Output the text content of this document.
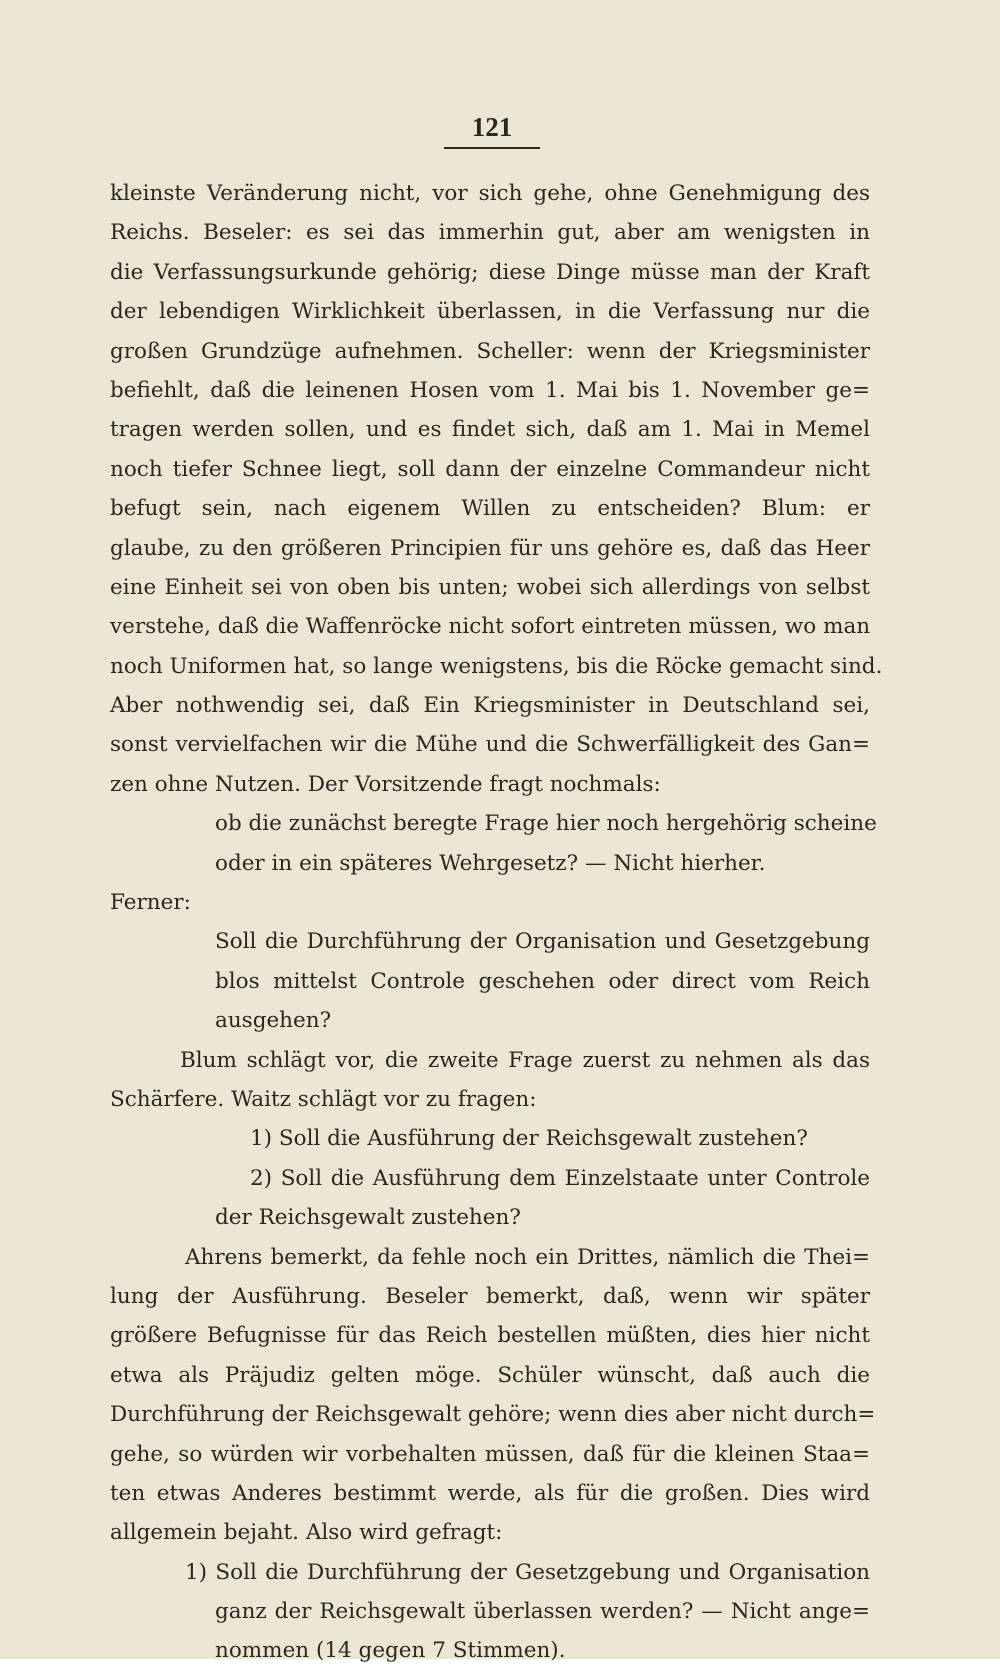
121
kleinste Veränderung nicht, vor sich gehe, ohne Genehmigung des
Reichs. Beseler: es sei das immerhin gut, aber am wenigsten in
die Verfassungsurkunde gehörig; diese Dinge müsse man der Kraft
der lebendigen Wirklichkeit überlassen, in die Verfassung nur die
großen Grundzüge aufnehmen. Scheller: wenn der Kriegsminister
befiehlt, daß die leinenen Hosen vom 1. Mai bis 1. November ge=
tragen werden sollen, und es findet sich, daß am 1. Mai in Memel
noch tiefer Schnee liegt, soll dann der einzelne Commandeur nicht
befugt sein, nach eigenem Willen zu entscheiden? Blum: er
glaube, zu den größeren Principien für uns gehöre es, daß das Heer
eine Einheit sei von oben bis unten; wobei sich allerdings von selbst
verstehe, daß die Waffenröcke nicht sofort eintreten müssen, wo man
noch Uniformen hat, so lange wenigstens, bis die Röcke gemacht sind.
Aber nothwendig sei, daß Ein Kriegsminister in Deutschland sei,
sonst vervielfachen wir die Mühe und die Schwerfälligkeit des Gan=
zen ohne Nutzen. Der Vorsitzende fragt nochmals:
ob die zunächst beregte Frage hier noch hergehörig scheine
oder in ein späteres Wehrgesetz? — Nicht hierher.
Ferner:
Soll die Durchführung der Organisation und Gesetzgebung
blos mittelst Controle geschehen oder direct vom Reich
ausgehen?
Blum schlägt vor, die zweite Frage zuerst zu nehmen als das
Schärfere. Waitz schlägt vor zu fragen:
1) Soll die Ausführung der Reichsgewalt zustehen?
2) Soll die Ausführung dem Einzelstaate unter Controle
der Reichsgewalt zustehen?
Ahrens bemerkt, da fehle noch ein Drittes, nämlich die Thei=
lung der Ausführung. Beseler bemerkt, daß, wenn wir später
größere Befugnisse für das Reich bestellen müßten, dies hier nicht
etwa als Präjudiz gelten möge. Schüler wünscht, daß auch die
Durchführung der Reichsgewalt gehöre; wenn dies aber nicht durch=
gehe, so würden wir vorbehalten müssen, daß für die kleinen Staa=
ten etwas Anderes bestimmt werde, als für die großen. Dies wird
allgemein bejaht. Also wird gefragt:
1) Soll die Durchführung der Gesetzgebung und Organisation
ganz der Reichsgewalt überlassen werden? — Nicht ange=
nommen (14 gegen 7 Stimmen).
